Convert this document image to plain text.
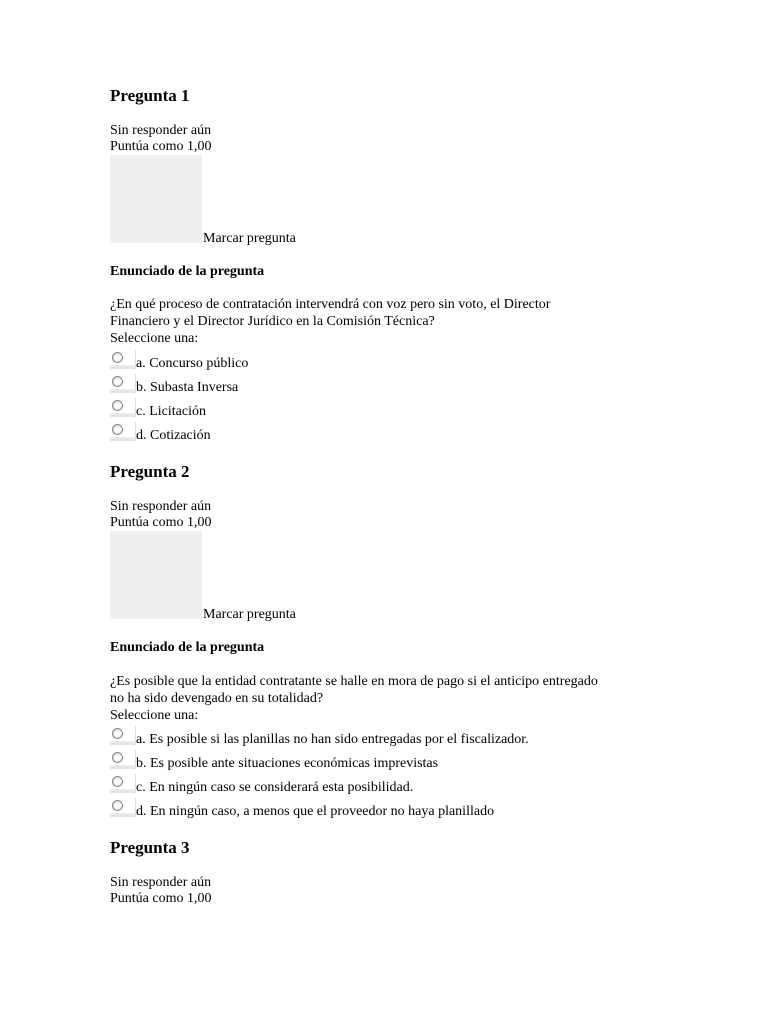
Pregunta 1
Sin responder aún
Puntúa como 1,00
Marcar pregunta
Enunciado de la pregunta
¿En qué proceso de contratación intervendrá con voz pero sin voto, el Director
Financiero y el Director Jurídico en la Comisión Técnica?
Seleccione una:
a. Concurso público
b. Subasta Inversa
c. Licitación
d. Cotización
Pregunta 2
Sin responder aún
Puntúa como 1,00
Marcar pregunta
Enunciado de la pregunta
¿Es posible que la entidad contratante se halle en mora de pago si el anticipo entregado
no ha sido devengado en su totalidad?
Seleccione una:
a. Es posible si las planillas no han sido entregadas por el fiscalizador.
b. Es posible ante situaciones económicas imprevistas
c. En ningún caso se considerará esta posibilidad.
d. En ningún caso, a menos que el proveedor no haya planillado
Pregunta 3
Sin responder aún
Puntúa como 1,00
